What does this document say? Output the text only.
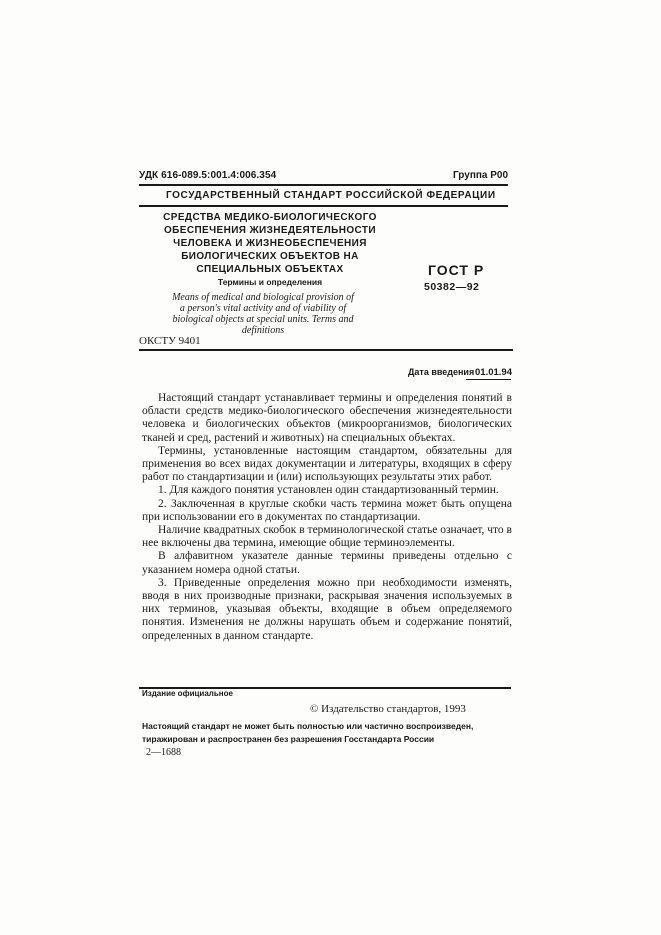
УДК 616-089.5:001.4:006.354	Группа Р00
ГОСУДАРСТВЕННЫЙ СТАНДАРТ РОССИЙСКОЙ ФЕДЕРАЦИИ
СРЕДСТВА МЕДИКО-БИОЛОГИЧЕСКОГО
ОБЕСПЕЧЕНИЯ ЖИЗНЕДЕЯТЕЛЬНОСТИ
ЧЕЛОВЕКА И ЖИЗНЕОБЕСПЕЧЕНИЯ
БИОЛОГИЧЕСКИХ ОБЪЕКТОВ НА
СПЕЦИАЛЬНЫХ ОБЪЕКТАХ
Термины и определения
Means of medical and biological provision of
a person's vital activity and of viability of
biological objects at special units. Terms and
definitions
ГОСТ Р
50382—92
ОКСТУ 9401
Дата введения 01.01.94

Настоящий стандарт устанавливает термины и определения понятий в области средств медико-биологического обеспечения жизнедеятельности человека и биологических объектов (микроорганизмов, биологических тканей и сред, растений и животных) на специальных объектах.

Термины, установленные настоящим стандартом, обязательны для применения во всех видах документации и литературы, входящих в сферу работ по стандартизации и (или) использующих результаты этих работ.

1. Для каждого понятия установлен один стандартизованный термин.

2. Заключенная в круглые скобки часть термина может быть опущена при использовании его в документах по стандартизации.

Наличие квадратных скобок в терминологической статье означает, что в нее включены два термина, имеющие общие терминоэлементы.

В алфавитном указателе данные термины приведены отдельно с указанием номера одной статьи.

3. Приведенные определения можно при необходимости изменять, вводя в них производные признаки, раскрывая значения используемых в них терминов, указывая объекты, входящие в объем определяемого понятия. Изменения не должны нарушать объем и содержание понятий, определенных в данном стандарте.

Издание официальное
© Издательство стандартов, 1993
Настоящий стандарт не может быть полностью или частично воспроизведен,
тиражирован и распространен без разрешения Госстандарта России
2—1688
